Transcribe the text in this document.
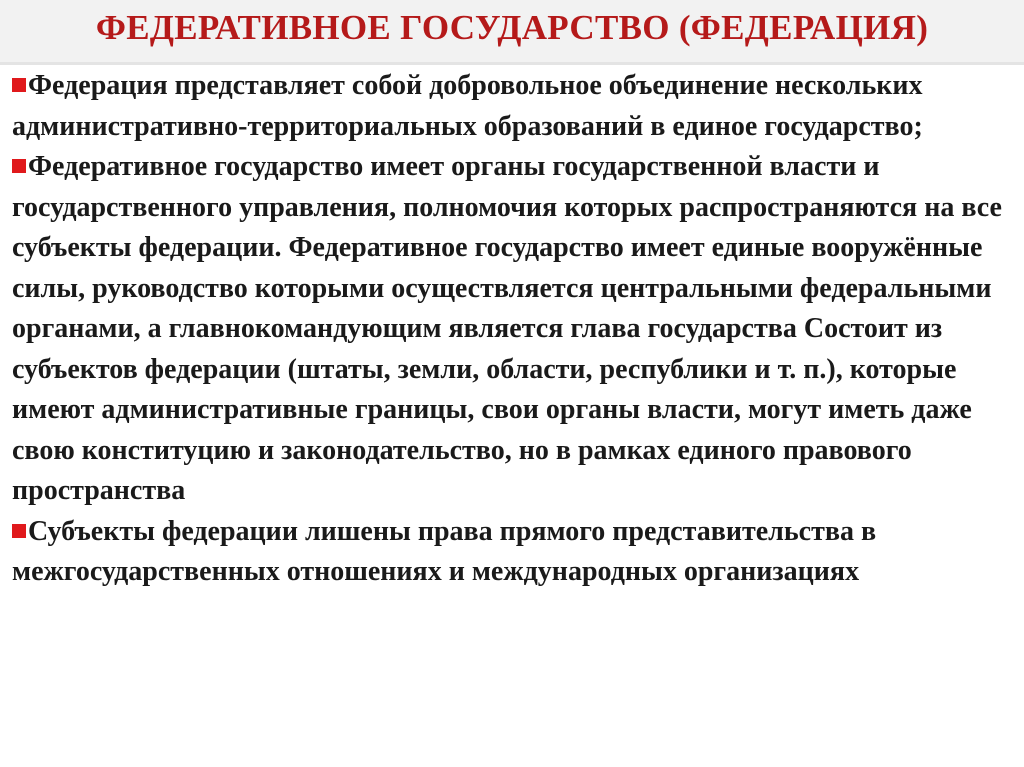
ФЕДЕРАТИВНОЕ ГОСУДАРСТВО (ФЕДЕРАЦИЯ)

Федерация представляет собой добровольное объединение нескольких административно-территориальных образований в единое государство;

Федеративное государство имеет органы государственной власти и государственного управления, полномочия которых распространяются на все субъекты федерации. Федеративное государство имеет единые вооружённые силы, руководство которыми осуществляется центральными федеральными органами, а главнокомандующим является глава государства Состоит из субъектов федерации (штаты, земли, области, республики и т. п.), которые имеют административные границы, свои органы власти, могут иметь даже свою конституцию и законодательство, но в рамках единого правового пространства

Субъекты федерации лишены права прямого представительства в межгосударственных отношениях и международных организациях
